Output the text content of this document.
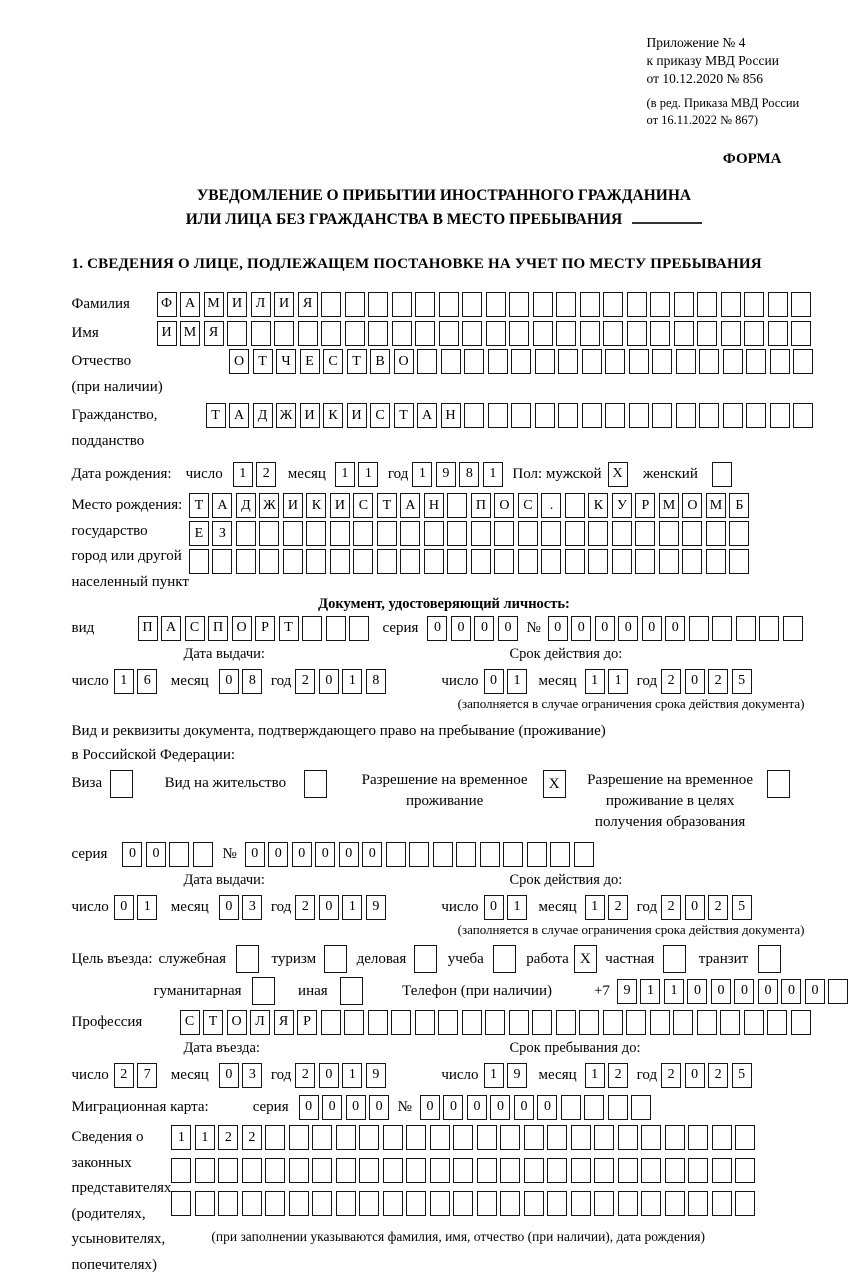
Приложение № 4
к приказу МВД России
от 10.12.2020 № 856
(в ред. Приказа МВД России
от 16.11.2022 № 867)
ФОРМА
УВЕДОМЛЕНИЕ О ПРИБЫТИИ ИНОСТРАННОГО ГРАЖДАНИНА
ИЛИ ЛИЦА БЕЗ ГРАЖДАНСТВА В МЕСТО ПРЕБЫВАНИЯ
1. СВЕДЕНИЯ О ЛИЦЕ, ПОДЛЕЖАЩЕМ ПОСТАНОВКЕ НА УЧЕТ ПО МЕСТУ ПРЕБЫВАНИЯ
Фамилия	Ф А М И Л И Я
Имя	И М Я
Отчество
(при наличии)
О	Т	Ч	Е	С	Т	В О
Гражданство,
подданство
Т	А Д Ж И К И С	Т	А Н
Дата рождения: число	1	2	месяц	1	1	год 1	9	8	1	Пол: мужской X	женский
Место рождения:
государство
город или другой
населенный пункт
Т	А Д Ж И К И С	Т	А Н	П О С	.	К У	Р М О М Б

Е	З

Документ, удостоверяющий личность:
вид	П А С П О	Р	Т	серия	0	0	0	0	№ 0	0	0	0	0	0
Дата выдачи:	Срок действия до:
число 1	6	месяц	0	8	год 2	0	1	8	число 0	1	месяц	1	1	год 2	0	2	5
(заполняется в случае ограничения срока действия документа)
Вид и реквизиты документа, подтверждающего право на пребывание (проживание)
в Российской Федерации:
Виза	Вид на жительство	Разрешение на временное проживание
X	Разрешение на временное проживание в целях получения образования
серия	0	0	№	0	0	0	0	0	0
Дата выдачи:	Срок действия до:
число 0	1	месяц	0	3	год 2	0	1	9	число 0	1	месяц	1	2	год 2	0	2	5
(заполняется в случае ограничения срока действия документа)
Цель въезда: служебная	туризм	деловая	учеба	работа X частная	транзит
гуманитарная	иная	Телефон (при наличии)	+7 9	1	1	0	0	0	0	0	0
Профессия	С	Т	О Л	Я	Р
Дата въезда:	Срок пребывания до:
число 2	7	месяц	0	3	год 2	0	1	9	число 1	9	месяц	1	2	год 2	0	2	5
Миграционная карта:	серия	0	0	0	0	№	0	0	0	0	0	0
Сведения о
законных
представителях
(родителях,
усыновителях,
попечителях)
1	1	2	2

(при заполнении указываются фамилия, имя, отчество (при наличии), дата рождения)
